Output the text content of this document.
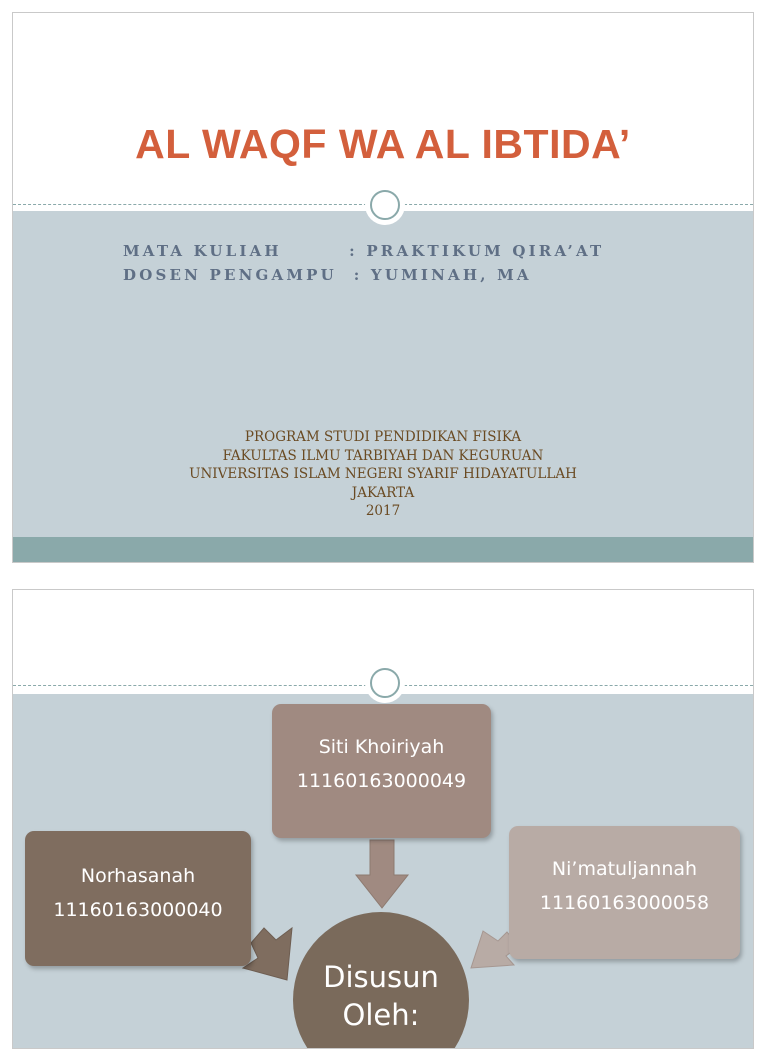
AL WAQF WA AL IBTIDA’
MATA KULIAH        : PRAKTIKUM QIRA’AT
DOSEN PENGAMPU  : YUMINAH, MA
PROGRAM STUDI PENDIDIKAN FISIKA
FAKULTAS ILMU TARBIYAH DAN KEGURUAN
UNIVERSITAS ISLAM NEGERI SYARIF HIDAYATULLAH
JAKARTA
2017
Siti Khoiriyah
11160163000049
Norhasanah
11160163000040
Ni’matuljannah
11160163000058
Disusun
Oleh:
